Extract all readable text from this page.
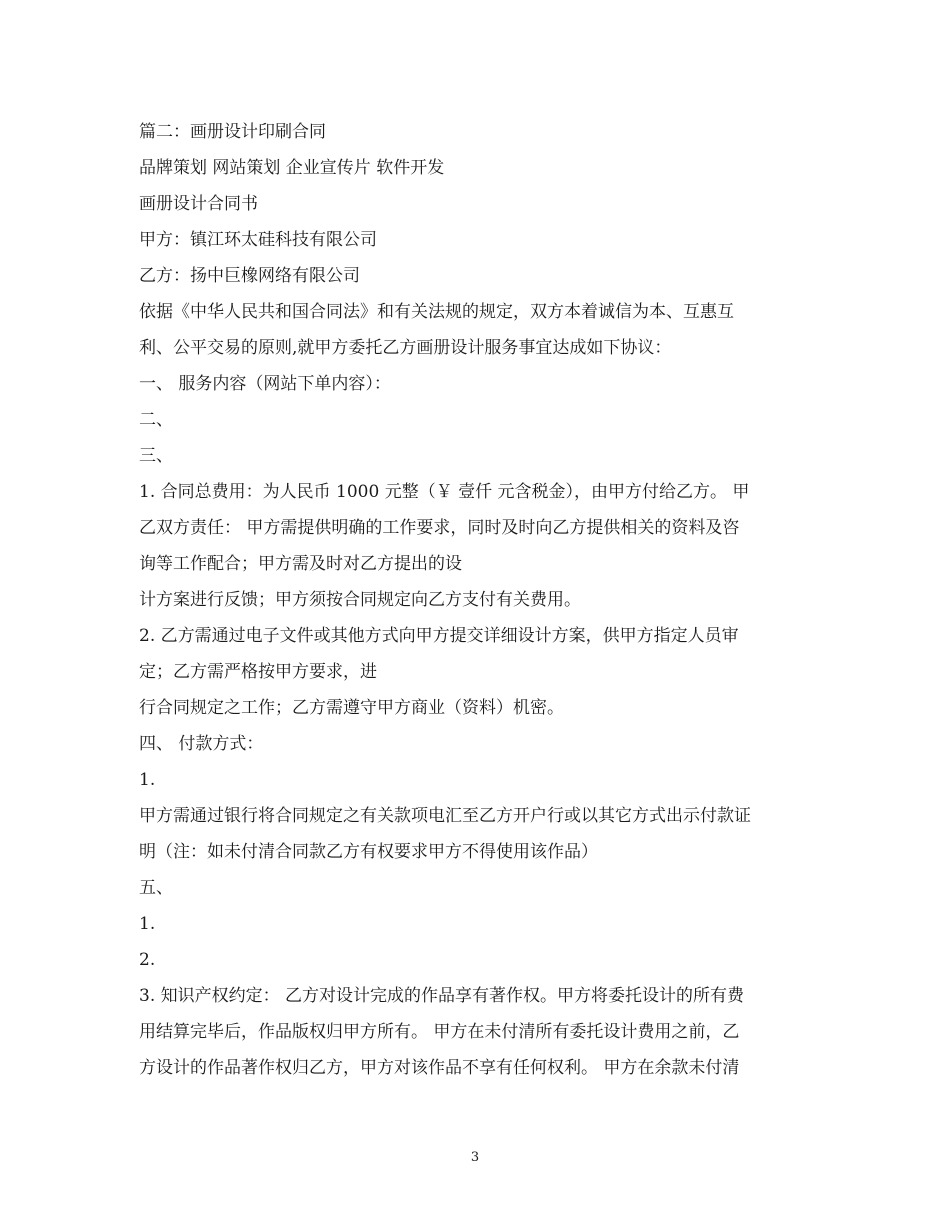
篇二：画册设计印刷合同
品牌策划 网站策划 企业宣传片 软件开发
画册设计合同书
甲方：镇江环太硅科技有限公司
乙方：扬中巨橡网络有限公司
依据《中华人民共和国合同法》和有关法规的规定，双方本着诚信为本、互惠互
利、公平交易的原则,就甲方委托乙方画册设计服务事宜达成如下协议：
一、 服务内容（网站下单内容）：
二、
三、
1. 合同总费用：为人民币 1000 元整（￥ 壹仟 元含税金），由甲方付给乙方。 甲
乙双方责任： 甲方需提供明确的工作要求，同时及时向乙方提供相关的资料及咨
询等工作配合；甲方需及时对乙方提出的设
计方案进行反馈；甲方须按合同规定向乙方支付有关费用。
2. 乙方需通过电子文件或其他方式向甲方提交详细设计方案，供甲方指定人员审
定；乙方需严格按甲方要求，进
行合同规定之工作；乙方需遵守甲方商业（资料）机密。
四、 付款方式：
1.
甲方需通过银行将合同规定之有关款项电汇至乙方开户行或以其它方式出示付款证
明（注：如未付清合同款乙方有权要求甲方不得使用该作品）
五、
1.
2.
3. 知识产权约定： 乙方对设计完成的作品享有著作权。甲方将委托设计的所有费
用结算完毕后，作品版权归甲方所有。 甲方在未付清所有委托设计费用之前，乙
方设计的作品著作权归乙方，甲方对该作品不享有任何权利。 甲方在余款未付清
3
